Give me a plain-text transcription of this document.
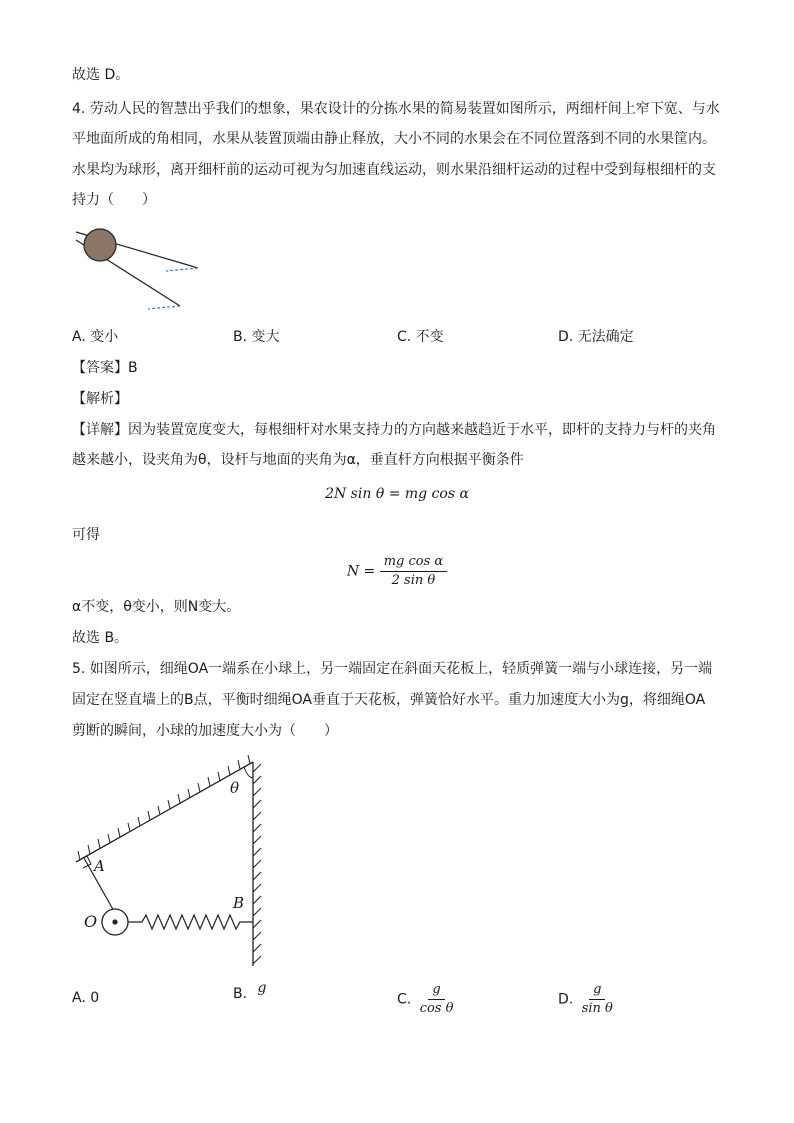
故选 D。
4. 劳动人民的智慧出乎我们的想象，果农设计的分拣水果的简易装置如图所示，两细杆间上窄下宽、与水
平地面所成的角相同，水果从装置顶端由静止释放，大小不同的水果会在不同位置落到不同的水果筐内。
水果均为球形，离开细杆前的运动可视为匀加速直线运动，则水果沿细杆运动的过程中受到每根细杆的支
持力（　　）
A. 变小	B. 变大	C. 不变	D. 无法确定
【答案】B
【解析】
【详解】因为装置宽度变大，每根细杆对水果支持力的方向越来越趋近于水平，即杆的支持力与杆的夹角
越来越小，设夹角为θ，设杆与地面的夹角为α，垂直杆方向根据平衡条件
2N sin θ = mg cos α
可得
$N = \frac{\text{mg cos α}}{\text{2 sin θ}}$
α不变，θ变小，则N变大。
故选 B。
5. 如图所示，细绳OA一端系在小球上，另一端固定在斜面天花板上，轻质弹簧一端与小球连接，另一端
固定在竖直墙上的B点，平衡时细绳OA垂直于天花板，弹簧恰好水平。重力加速度大小为g，将细绳OA
剪断的瞬间，小球的加速度大小为（　　）
θ
A
O
B
A. 0	B. g
C. $\frac{g}{\text{cos θ}}$	D. $\frac{g}{\text{sin θ}}$
